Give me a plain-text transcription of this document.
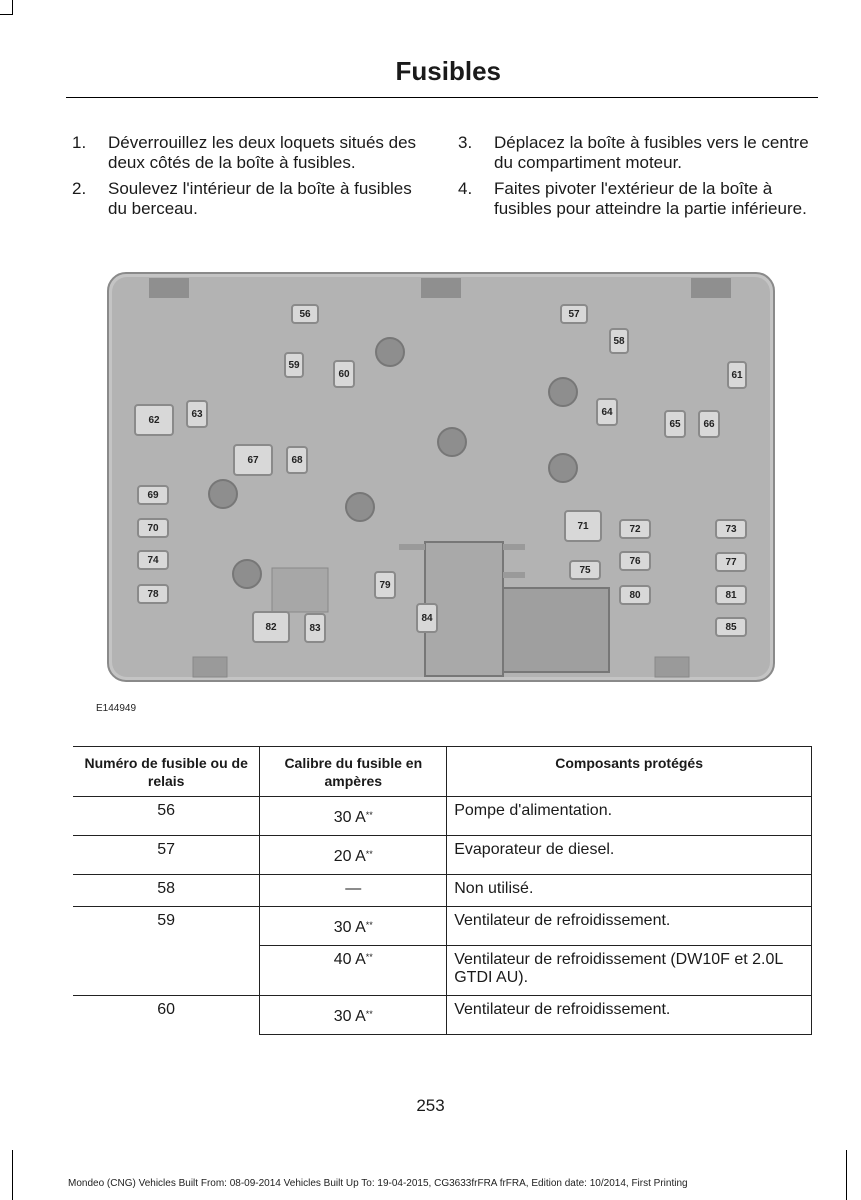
Fusibles
1. Déverrouillez les deux loquets situés des deux côtés de la boîte à fusibles.
2. Soulevez l'intérieur de la boîte à fusibles du berceau.
3. Déplacez la boîte à fusibles vers le centre du compartiment moteur.
4. Faites pivoter l'extérieur de la boîte à fusibles pour atteindre la partie inférieure.
56	57
58
59
60	61
62
63	64
65	66
67	68
69
70	71	72	73
74
75
76	77
78
79
80	81
82	83
84
85
E144949
Numéro de fusible ou de relais	Calibre du fusible en ampères	Composants protégés
56	30 A**	Pompe d'alimentation.
57	20 A**	Evaporateur de diesel.
58	—	Non utilisé.
59	30 A**	Ventilateur de refroidissement.
	40 A**	Ventilateur de refroidissement (DW10F et 2.0L GTDI AU).
60	30 A**	Ventilateur de refroidissement.
253
Mondeo (CNG) Vehicles Built From: 08-09-2014 Vehicles Built Up To: 19-04-2015, CG3633frFRA frFRA, Edition date: 10/2014, First Printing
